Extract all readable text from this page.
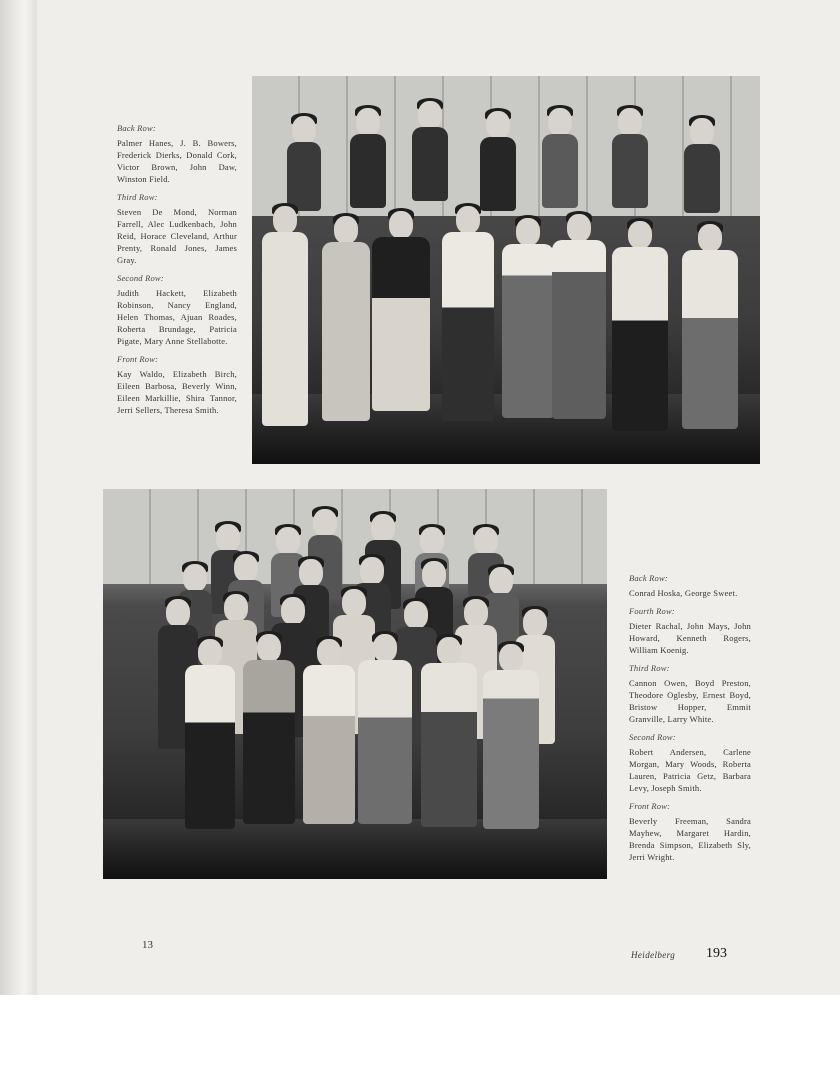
Back Row:
Palmer Hanes, J. B. Bowers, Frederick Dierks, Donald Cork, Victor Brown, John Daw, Winston Field.
Third Row:
Steven De Mond, Norman Farrell, Alec Ludkenbach, John Reid, Horace Cleveland, Arthur Prenty, Ronald Jones, James Gray.
Second Row:
Judith Hackett, Elizabeth Robinson, Nancy England, Helen Thomas, Ajuan Roades, Roberta Brundage, Patricia Pigate, Mary Anne Stellabotte.
Front Row:
Kay Waldo, Elizabeth Birch, Eileen Barbosa, Beverly Winn, Eileen Markillie, Shira Tannor, Jerri Sellers, Theresa Smith.
Back Row:
Conrad Hoska, George Sweet.
Fourth Row:
Dieter Rachal, John Mays, John Howard, Kenneth Rogers, William Koenig.
Third Row:
Cannon Owen, Boyd Preston, Theodore Oglesby, Ernest Boyd, Bristow Hopper, Emmit Granville, Larry White.
Second Row:
Robert Andersen, Carlene Morgan, Mary Woods, Roberta Lauren, Patricia Getz, Barbara Levy, Joseph Smith.
Front Row:
Beverly Freeman, Sandra Mayhew, Margaret Hardin, Brenda Simpson, Elizabeth Sly, Jerri Wright.
13
Heidelberg 193
